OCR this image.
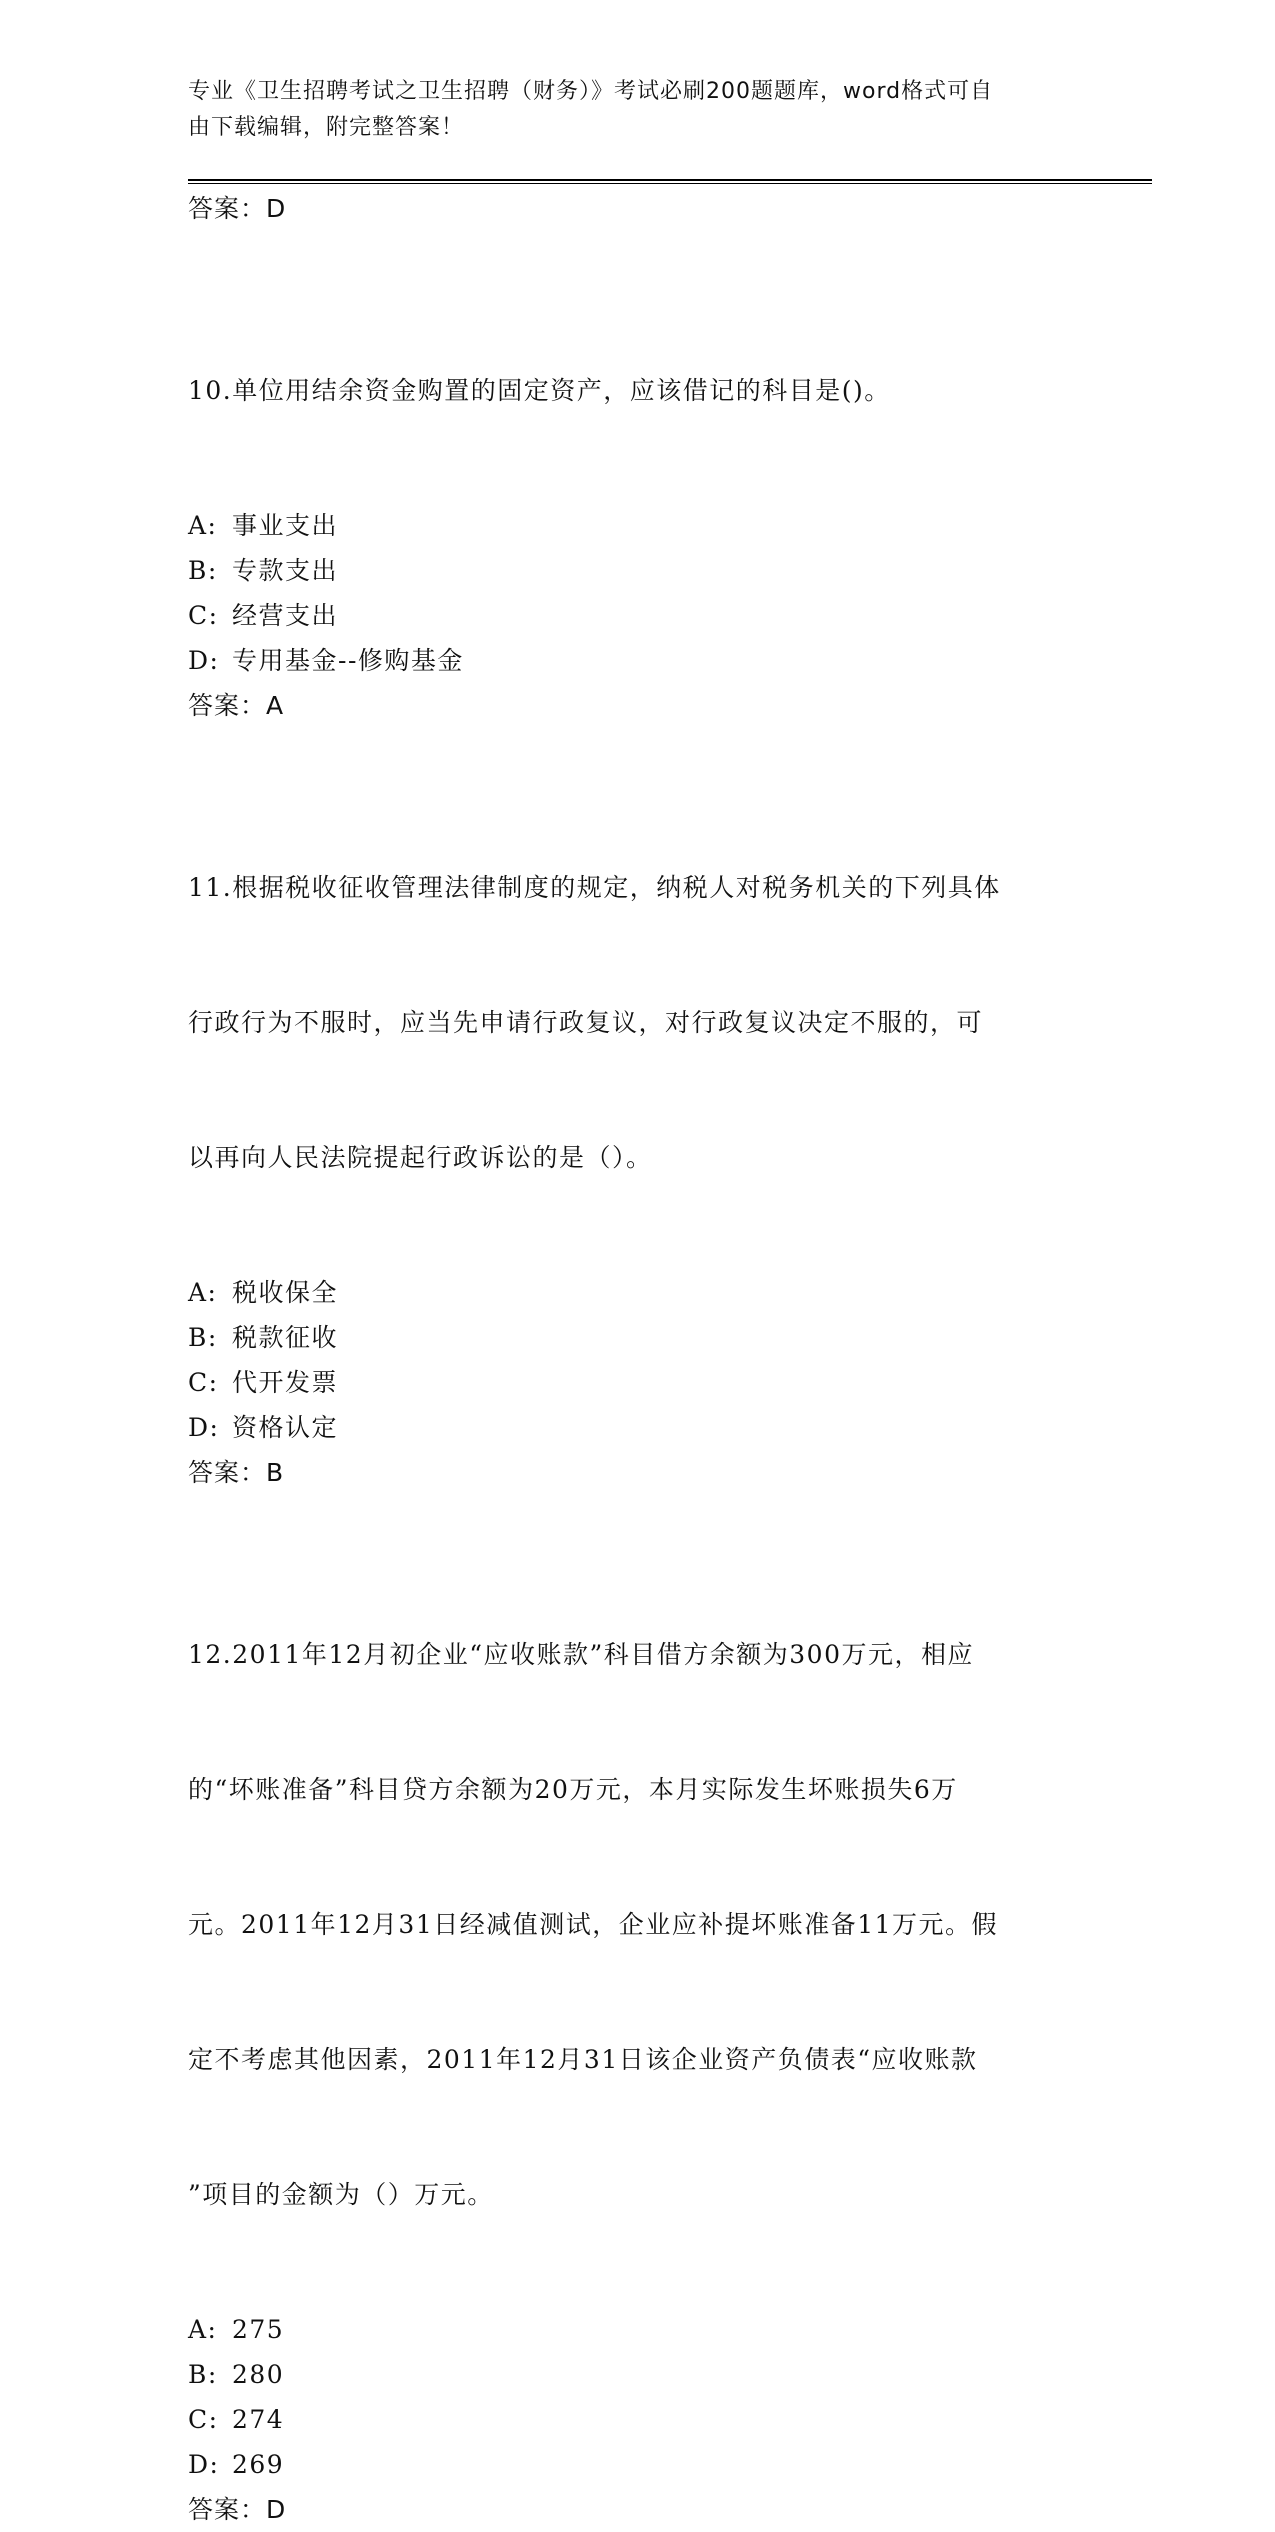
专业《卫生招聘考试之卫生招聘（财务）》考试必刷200题题库，word格式可自
由下载编辑，附完整答案！
答案：D

10.单位用结余资金购置的固定资产，应该借记的科目是()。

A: 事业支出
B: 专款支出
C: 经营支出
D: 专用基金--修购基金
答案：A

11.根据税收征收管理法律制度的规定，纳税人对税务机关的下列具体

行政行为不服时，应当先申请行政复议，对行政复议决定不服的，可

以再向人民法院提起行政诉讼的是（）。

A: 税收保全
B: 税款征收
C: 代开发票
D: 资格认定
答案：B

12.2011年12月初企业“应收账款”科目借方余额为300万元，相应

的“坏账准备”科目贷方余额为20万元，本月实际发生坏账损失6万

元。2011年12月31日经减值测试，企业应补提坏账准备11万元。假

定不考虑其他因素，2011年12月31日该企业资产负债表“应收账款

”项目的金额为（）万元。

A: 275
B: 280
C: 274
D: 269
答案：D
